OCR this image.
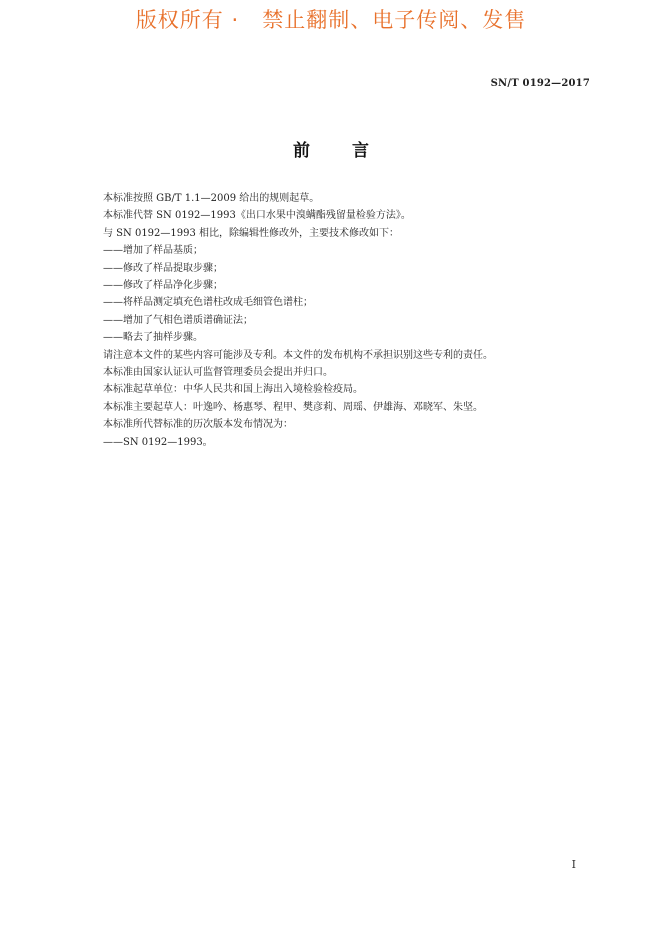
版权所有 ·   禁止翻制、电子传阅、发售
SN/T 0192—2017
前言
本标准按照 GB/T 1.1—2009 给出的规则起草。
本标准代替 SN 0192—1993《出口水果中溴螨酯残留量检验方法》。
与 SN 0192—1993 相比，除编辑性修改外，主要技术修改如下：
——增加了样品基质；
——修改了样品提取步骤；
——修改了样品净化步骤；
——将样品测定填充色谱柱改成毛细管色谱柱；
——增加了气相色谱质谱确证法；
——略去了抽样步骤。
请注意本文件的某些内容可能涉及专利。本文件的发布机构不承担识别这些专利的责任。
本标准由国家认证认可监督管理委员会提出并归口。
本标准起草单位：中华人民共和国上海出入境检验检疫局。
本标准主要起草人：叶逸吟、杨惠琴、程甲、樊彦莉、周瑶、伊雄海、邓晓军、朱坚。
本标准所代替标准的历次版本发布情况为：
——SN 0192—1993。
I
